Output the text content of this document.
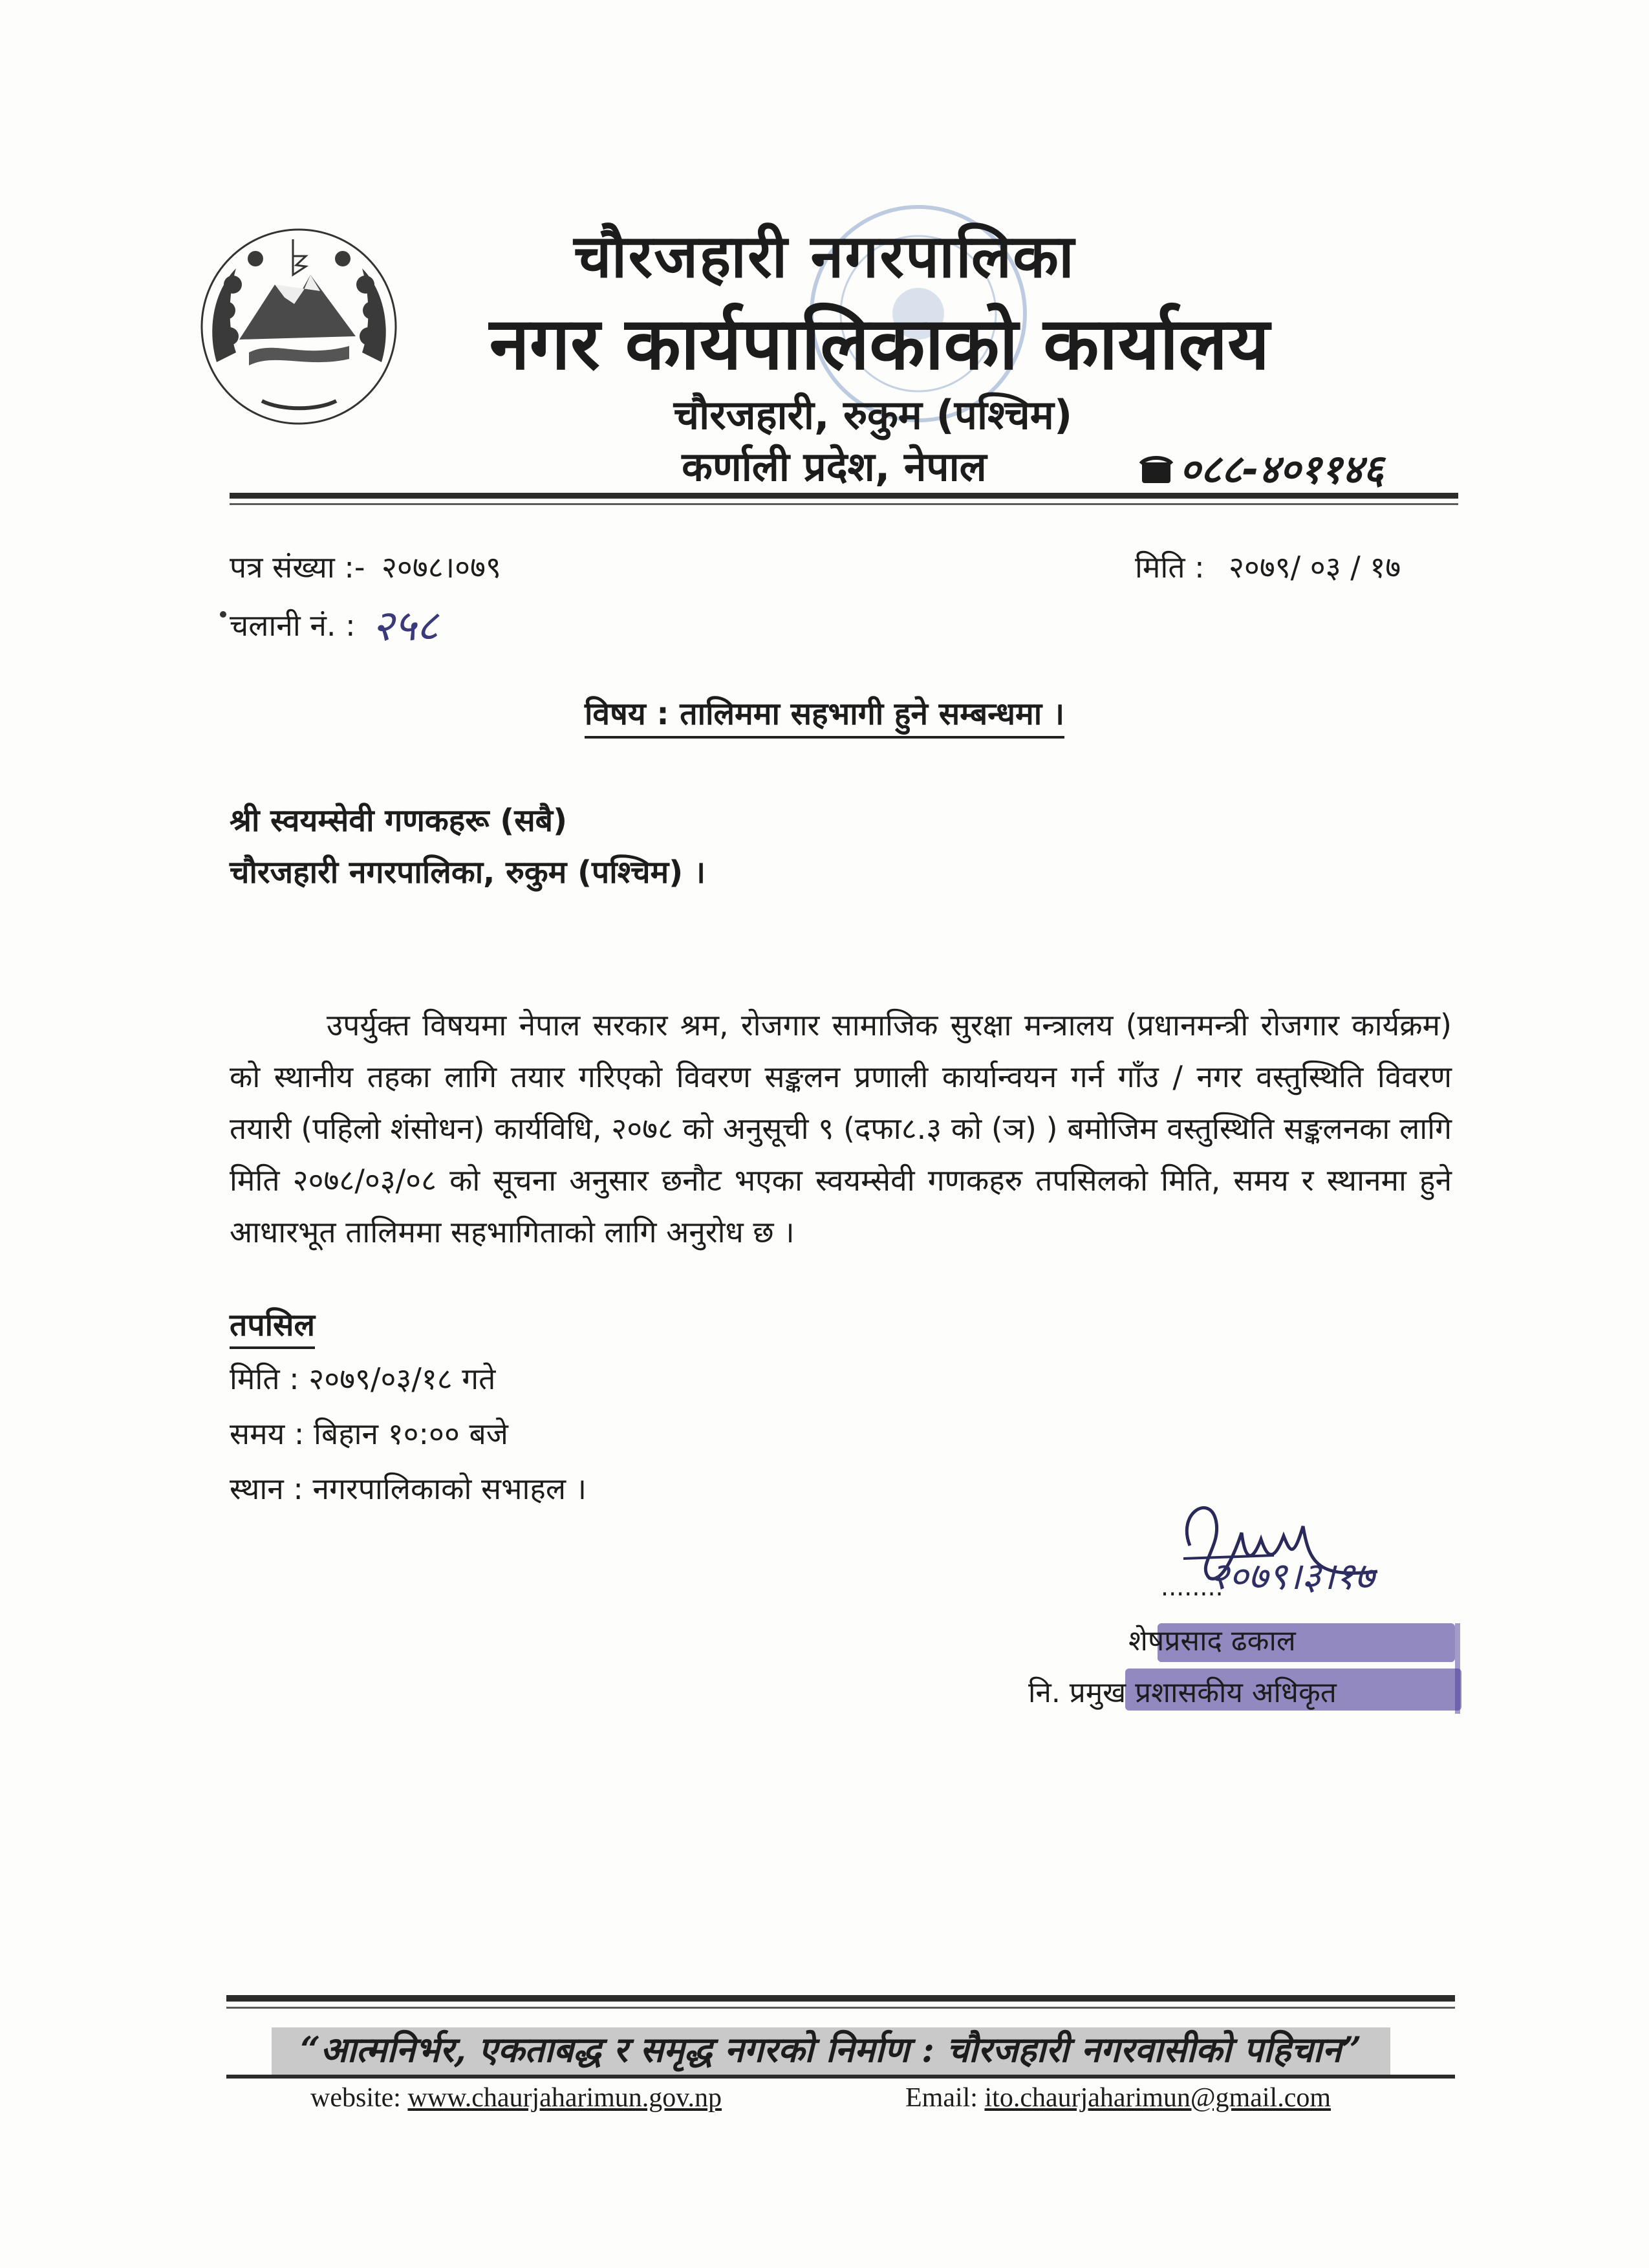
चौरजहारी नगरपालिका
नगर कार्यपालिकाको कार्यालय
चौरजहारी, रुकुम (पश्चिम)
कर्णाली प्रदेश, नेपाल	०८८-४०११४६
पत्र संख्या :- २०७८।०७९	मिति : २०७९/ ०३ / १७
चलानी नं. : २५८
विषय : तालिममा सहभागी हुने सम्बन्धमा ।
श्री स्वयम्सेवी गणकहरू (सबै)
चौरजहारी नगरपालिका, रुकुम (पश्चिम) ।
उपर्युक्त विषयमा नेपाल सरकार श्रम, रोजगार सामाजिक सुरक्षा मन्त्रालय (प्रधानमन्त्री रोजगार कार्यक्रम) को स्थानीय तहका लागि तयार गरिएको विवरण सङ्कलन प्रणाली कार्यान्वयन गर्न गाँउ / नगर वस्तुस्थिति विवरण तयारी (पहिलो शंसोधन) कार्यविधि, २०७८ को अनुसूची ९ (दफा८.३ को (ञ) ) बमोजिम वस्तुस्थिति सङ्कलनका लागि मिति २०७८/०३/०८ को सूचना अनुसार छनौट भएका स्वयम्सेवी गणकहरु तपसिलको मिति, समय र स्थानमा हुने आधारभूत तालिममा सहभागिताको लागि अनुरोध छ ।
तपसिल
मिति : २०७९/०३/१८ गते
समय : बिहान १०:०० बजे
स्थान : नगरपालिकाको सभाहल ।
........
२०७९।३।१७
शेषप्रसाद ढकाल
नि. प्रमुख प्रशासकीय अधिकृत
“आत्मनिर्भर, एकताबद्ध र समृद्ध नगरको निर्माण : चौरजहारी नगरवासीको पहिचान”
website: www.chaurjaharimun.gov.np	Email: ito.chaurjaharimun@gmail.com
